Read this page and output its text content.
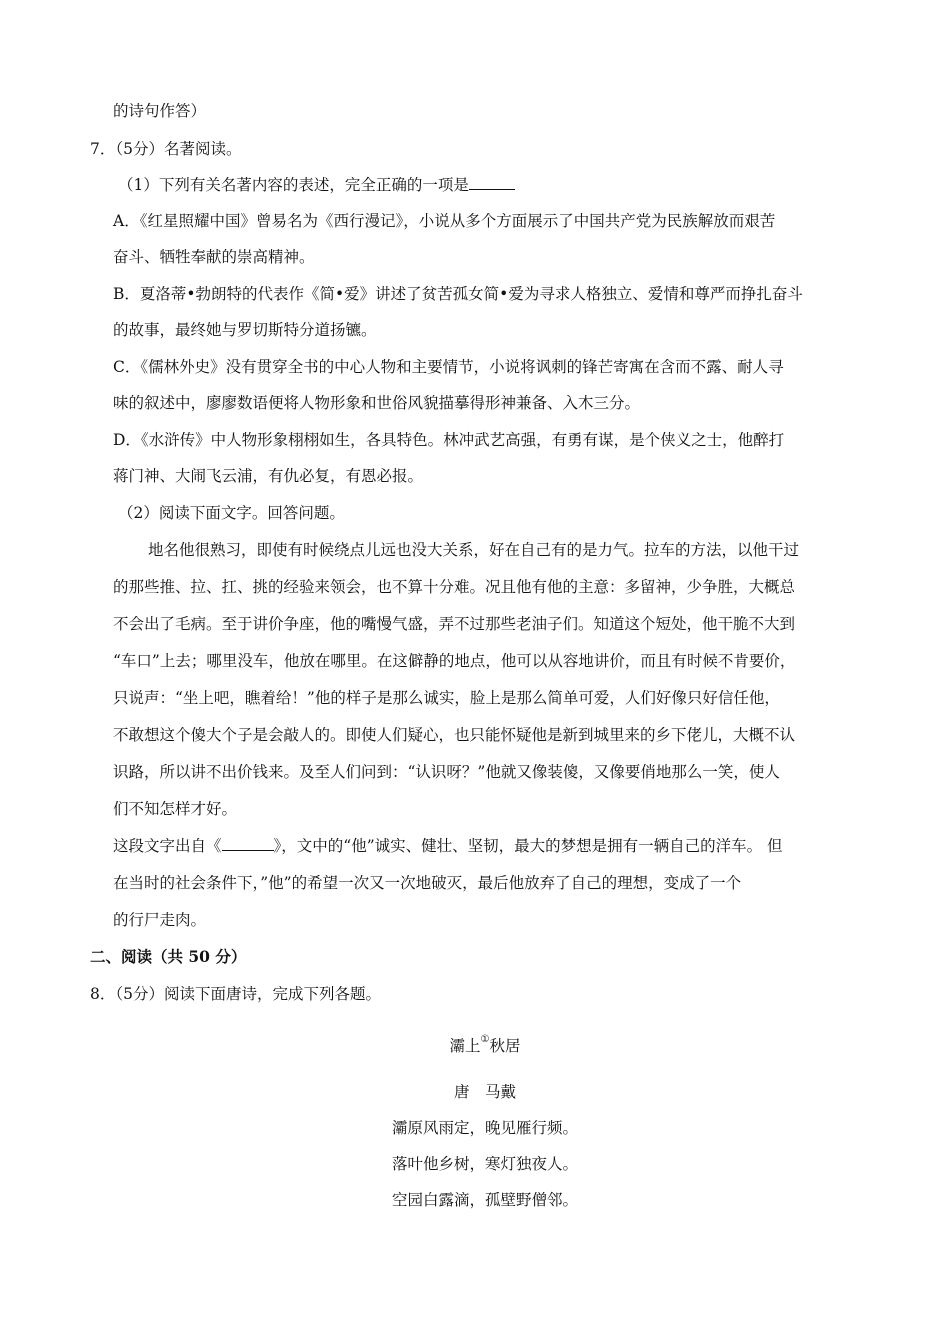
的诗句作答）
7．（5分）名著阅读。
（1）下列有关名著内容的表述，完全正确的一项是
A．《红星照耀中国》曾易名为《西行漫记》，小说从多个方面展示了中国共产党为民族解放而艰苦
奋斗、牺牲奉献的崇高精神。
B．夏洛蒂•勃朗特的代表作《简•爱》讲述了贫苦孤女简•爱为寻求人格独立、爱情和尊严而挣扎奋斗
的故事，最终她与罗切斯特分道扬镳。
C．《儒林外史》没有贯穿全书的中心人物和主要情节，小说将讽刺的锋芒寄寓在含而不露、耐人寻
味的叙述中，廖廖数语便将人物形象和世俗风貌描摹得形神兼备、入木三分。
D．《水浒传》中人物形象栩栩如生，各具特色。林冲武艺高强，有勇有谋，是个侠义之士，他醉打
蒋门神、大闹飞云浦，有仇必复，有恩必报。
（2）阅读下面文字。回答问题。
地名他很熟习，即使有时候绕点儿远也没大关系，好在自己有的是力气。拉车的方法，以他干过
的那些推、拉、扛、挑的经验来领会，也不算十分难。况且他有他的主意：多留神，少争胜，大概总
不会出了毛病。至于讲价争座，他的嘴慢气盛，弄不过那些老油子们。知道这个短处，他干脆不大到
“车口”上去；哪里没车，他放在哪里。在这僻静的地点，他可以从容地讲价，而且有时候不肯要价，
只说声：“坐上吧，瞧着给！”他的样子是那么诚实，脸上是那么简单可爱，人们好像只好信任他，
不敢想这个傻大个子是会敲人的。即使人们疑心，也只能怀疑他是新到城里来的乡下佬儿，大概不认
识路，所以讲不出价钱来。及至人们问到：“认识呀？”他就又像装傻，又像要俏地那么一笑，使人
们不知怎样才好。
这段文字出自《	》，文中的“他”诚实、健壮、坚韧，最大的梦想是拥有一辆自己的洋车。 但
在当时的社会条件下，”他”的希望一次又一次地破灭，最后他放弃了自己的理想，变成了一个
的行尸走肉。
二、阅读（共 50 分）
8．（5分）阅读下面唐诗，完成下列各题。
灞上①秋居
唐　马戴
灞原风雨定，晚见雁行频。
落叶他乡树，寒灯独夜人。
空园白露滴，孤壁野僧邻。
